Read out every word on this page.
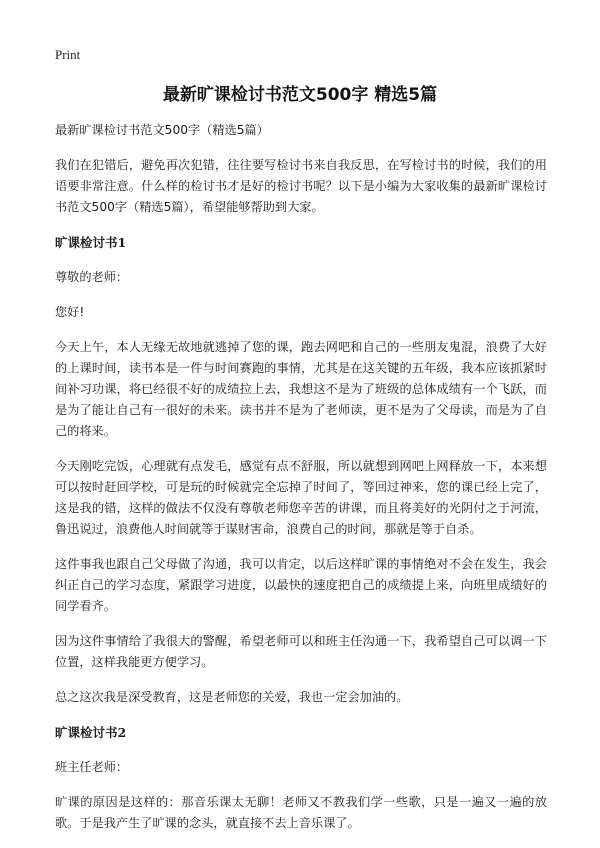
Print
最新旷课检讨书范文500字 精选5篇

最新旷课检讨书范文500字（精选5篇）

我们在犯错后，避免再次犯错，往往要写检讨书来自我反思，在写检讨书的时候，我们的用语要非常注意。什么样的检讨书才是好的检讨书呢？以下是小编为大家收集的最新旷课检讨书范文500字（精选5篇），希望能够帮助到大家。

旷课检讨书1

尊敬的老师：

您好!

今天上午，本人无缘无故地就逃掉了您的课，跑去网吧和自己的一些朋友鬼混，浪费了大好的上课时间，读书本是一件与时间赛跑的事情，尤其是在这关键的五年级，我本应该抓紧时间补习功课，将已经很不好的成绩拉上去，我想这不是为了班级的总体成绩有一个飞跃，而是为了能让自己有一很好的未来。读书并不是为了老师读，更不是为了父母读，而是为了自己的将来。

今天刚吃完饭，心理就有点发毛，感觉有点不舒服，所以就想到网吧上网释放一下，本来想可以按时赶回学校，可是玩的时候就完全忘掉了时间了，等回过神来，您的课已经上完了，这是我的错，这样的做法不仅没有尊敬老师您辛苦的讲课，而且将美好的光阴付之于河流，鲁迅说过，浪费他人时间就等于谋财害命，浪费自己的时间，那就是等于自杀。

这件事我也跟自己父母做了沟通，我可以肯定，以后这样旷课的事情绝对不会在发生，我会纠正自己的学习态度，紧跟学习进度，以最快的速度把自己的成绩提上来，向班里成绩好的同学看齐。

因为这件事情给了我很大的警醒，希望老师可以和班主任沟通一下，我希望自己可以调一下位置，这样我能更方便学习。

总之这次我是深受教育，这是老师您的关爱，我也一定会加油的。

旷课检讨书2

班主任老师：

旷课的原因是这样的：那音乐课太无聊！老师又不教我们学一些歌，只是一遍又一遍的放歌。于是我产生了旷课的念头，就直接不去上音乐课了。
